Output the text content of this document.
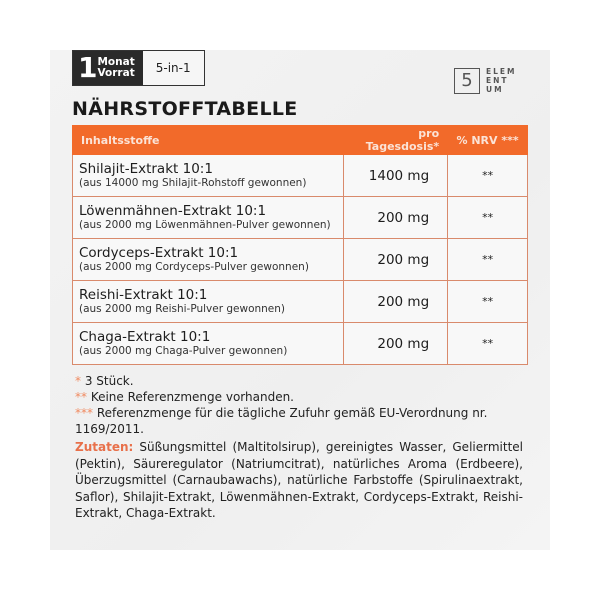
1 Monat
Vorrat	5-in-1
5	ELEM
ENT
UM
NÄHRSTOFFTABELLE
Inhaltsstoffe	pro Tagesdosis*	% NRV ***

Shilajit-Extrakt 10:1
(aus 14000 mg Shilajit-Rohstoff gewonnen)	1400 mg	**

Löwenmähnen-Extrakt 10:1
(aus 2000 mg Löwenmähnen-Pulver gewonnen)	200 mg	**

Cordyceps-Extrakt 10:1
(aus 2000 mg Cordyceps-Pulver gewonnen)	200 mg	**

Reishi-Extrakt 10:1
(aus 2000 mg Reishi-Pulver gewonnen)	200 mg	**

Chaga-Extrakt 10:1
(aus 2000 mg Chaga-Pulver gewonnen)	200 mg	**
* 3 Stück.
** Keine Referenzmenge vorhanden.
*** Referenzmenge für die tägliche Zufuhr gemäß EU-Verordnung nr. 1169/2011.
Zutaten: Süßungsmittel (Maltitolsirup), gereinigtes Wasser, Geliermittel (Pektin), Säureregulator (Natriumcitrat), natürliches Aroma (Erdbeere), Überzugsmittel (Carnaubawachs), natürliche Farbstoffe (Spirulinaextrakt, Saflor), Shilajit-Extrakt, Löwenmähnen-Extrakt, Cordyceps-Extrakt, Reishi-Extrakt, Chaga-Extrakt.
